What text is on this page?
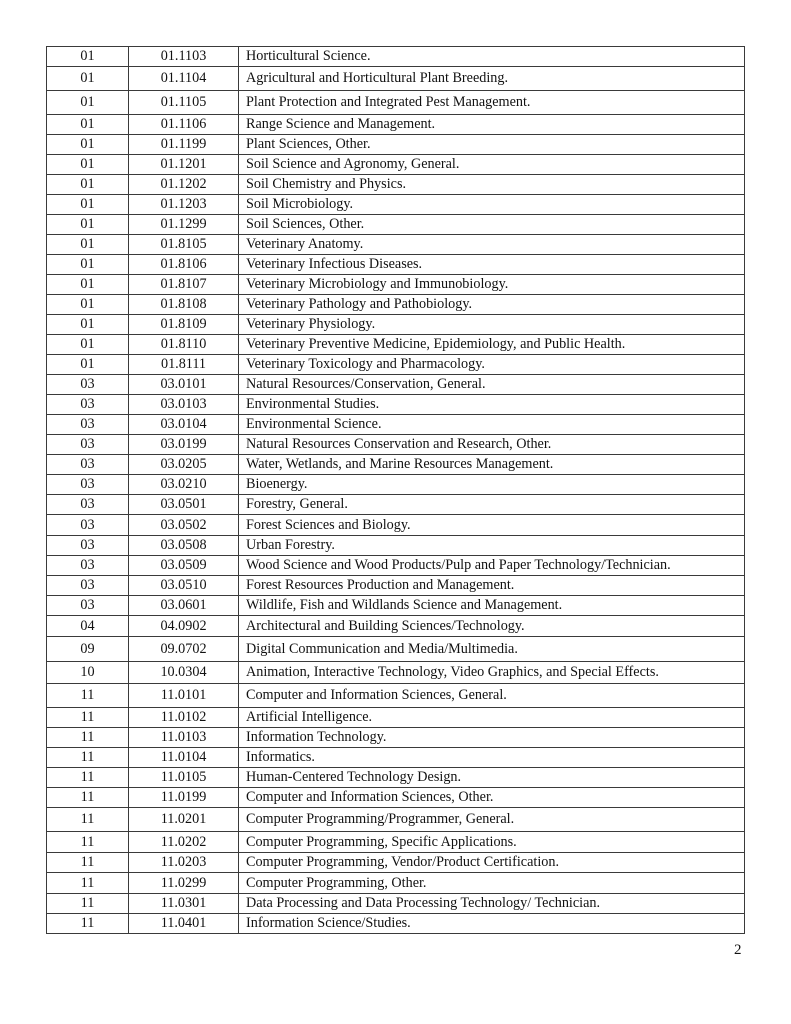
01	01.1103	Horticultural Science.
01	01.1104	Agricultural and Horticultural Plant Breeding.
01	01.1105	Plant Protection and Integrated Pest Management.
01	01.1106	Range Science and Management.
01	01.1199	Plant Sciences, Other.
01	01.1201	Soil Science and Agronomy, General.
01	01.1202	Soil Chemistry and Physics.
01	01.1203	Soil Microbiology.
01	01.1299	Soil Sciences, Other.
01	01.8105	Veterinary Anatomy.
01	01.8106	Veterinary Infectious Diseases.
01	01.8107	Veterinary Microbiology and Immunobiology.
01	01.8108	Veterinary Pathology and Pathobiology.
01	01.8109	Veterinary Physiology.
01	01.8110	Veterinary Preventive Medicine, Epidemiology, and Public Health.
01	01.8111	Veterinary Toxicology and Pharmacology.
03	03.0101	Natural Resources/Conservation, General.
03	03.0103	Environmental Studies.
03	03.0104	Environmental Science.
03	03.0199	Natural Resources Conservation and Research, Other.
03	03.0205	Water, Wetlands, and Marine Resources Management.
03	03.0210	Bioenergy.
03	03.0501	Forestry, General.
03	03.0502	Forest Sciences and Biology.
03	03.0508	Urban Forestry.
03	03.0509	Wood Science and Wood Products/Pulp and Paper Technology/Technician.
03	03.0510	Forest Resources Production and Management.
03	03.0601	Wildlife, Fish and Wildlands Science and Management.
04	04.0902	Architectural and Building Sciences/Technology.
09	09.0702	Digital Communication and Media/Multimedia.
10	10.0304	Animation, Interactive Technology, Video Graphics, and Special Effects.
11	11.0101	Computer and Information Sciences, General.
11	11.0102	Artificial Intelligence.
11	11.0103	Information Technology.
11	11.0104	Informatics.
11	11.0105	Human-Centered Technology Design.
11	11.0199	Computer and Information Sciences, Other.
11	11.0201	Computer Programming/Programmer, General.
11	11.0202	Computer Programming, Specific Applications.
11	11.0203	Computer Programming, Vendor/Product Certification.
11	11.0299	Computer Programming, Other.
11	11.0301	Data Processing and Data Processing Technology/ Technician.
11	11.0401	Information Science/Studies.
2
